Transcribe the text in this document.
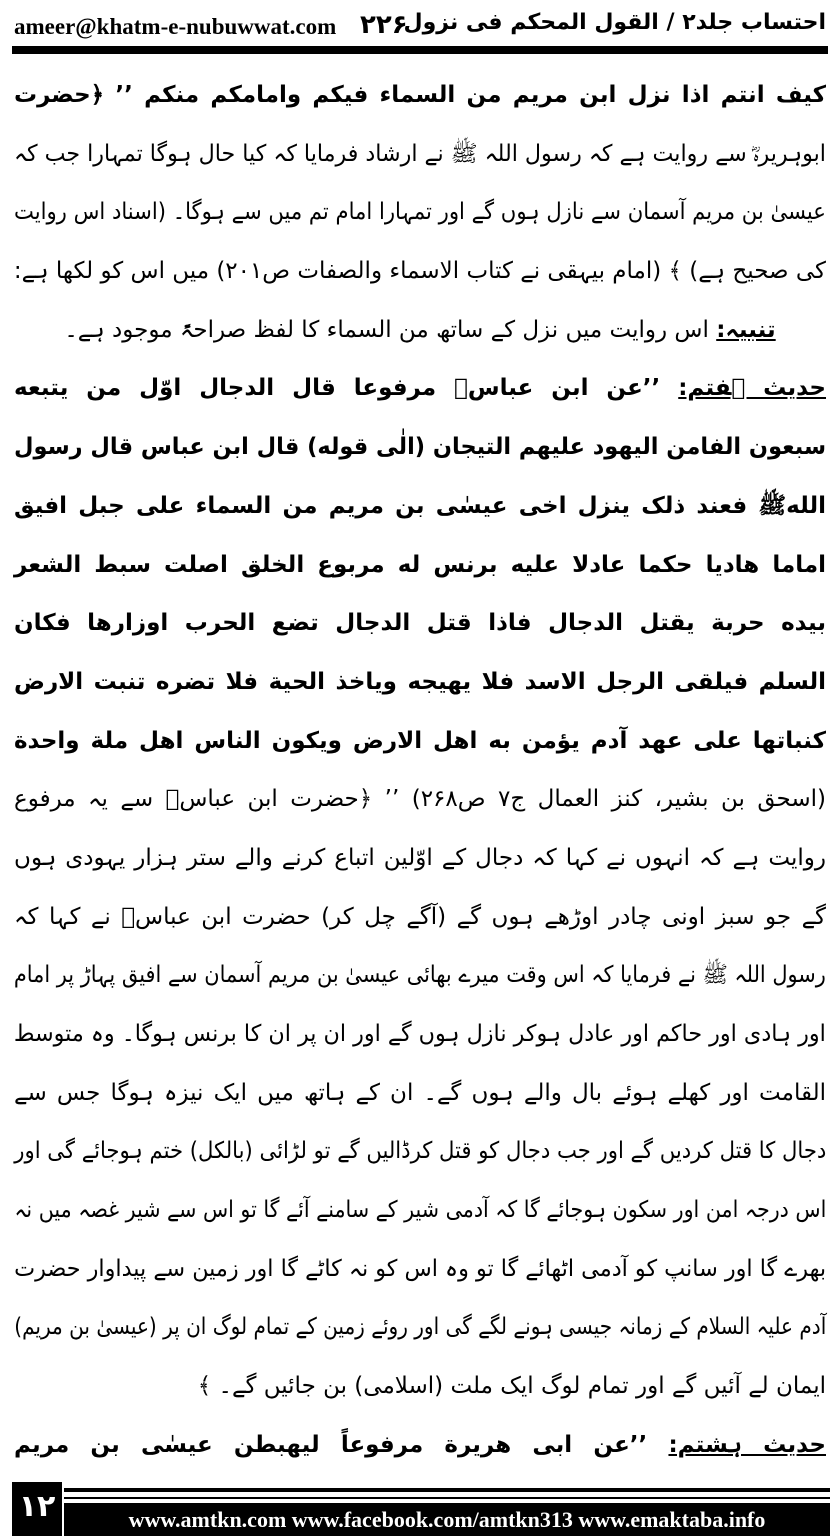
ameer@khatm-e-nubuwwat.com ۲۲۶
احتساب جلد۲ / القول المحکم فی نزول
كيف انتم اذا نزل ابن مريم من السماء فيكم وامامكم منكم ’’ ﴿حضرت
ابوہریرہؓ سے روایت ہے کہ رسول اللہ ﷺ نے ارشاد فرمایا کہ کیا حال ہوگا تمہارا جب کہ
عیسیٰ بن مریم آسمان سے نازل ہوں گے اور تمہارا امام تم میں سے ہوگا۔ (اسناد اس روایت
کی صحیح ہے) ﴾ (امام بیہقی نے کتاب الاسماء والصفات ص۲۰۱) میں اس کو لکھا ہے:
تنبیہ: اس روایت میں نزل کے ساتھ من السماء کا لفظ صراحۃً موجود ہے۔
حدیث ہفتم: ’’عن ابن عباسؓ مرفوعا قال الدجال اوّل من يتبعه
سبعون الفامن اليهود عليهم التيجان (الٰى قوله) قال ابن عباس قال رسول
اللهﷺ فعند ذلک ينزل اخى عيسٰى بن مريم من السماء على جبل افيق
اماما هاديا حكما عادلا عليه برنس له مربوع الخلق اصلت سبط الشعر
بيده حربة يقتل الدجال فاذا قتل الدجال تضع الحرب اوزارها فكان
السلم فيلقى الرجل الاسد فلا يهيجه وياخذ الحية فلا تضره تنبت الارض
كنباتها على عهد آدم يؤمن به اهل الارض ويكون الناس اهل ملة واحدة
(اسحق بن بشير، كنز العمال ج۷ ص۲۶۸) ’’ ﴿حضرت ابن عباسؓ سے یہ مرفوع
روایت ہے کہ انہوں نے کہا کہ دجال کے اوّلین اتباع کرنے والے ستر ہزار یہودی ہوں
گے جو سبز اونی چادر اوڑھے ہوں گے (آگے چل کر) حضرت ابن عباسؓ نے کہا کہ
رسول اللہ ﷺ نے فرمایا کہ اس وقت میرے بھائی عیسیٰ بن مریم آسمان سے افیق پہاڑ پر امام
اور ہادی اور حاکم اور عادل ہوکر نازل ہوں گے اور ان پر ان کا برنس ہوگا۔ وہ متوسط
القامت اور کھلے ہوئے بال والے ہوں گے۔ ان کے ہاتھ میں ایک نیزہ ہوگا جس سے
دجال کا قتل کردیں گے اور جب دجال کو قتل کرڈالیں گے تو لڑائی (بالکل) ختم ہوجائے گی اور
اس درجہ امن اور سکون ہوجائے گا کہ آدمی شیر کے سامنے آئے گا تو اس سے شیر غصہ میں نہ
بھرے گا اور سانپ کو آدمی اٹھائے گا تو وہ اس کو نہ کاٹے گا اور زمین سے پیداوار حضرت
آدم علیہ السلام کے زمانہ جیسی ہونے لگے گی اور روئے زمین کے تمام لوگ ان پر (عیسیٰ بن مریم)
ایمان لے آئیں گے اور تمام لوگ ایک ملت (اسلامی) بن جائیں گے۔ ﴾
حدیث ہشتم: ’’عن ابى هريرة مرفوعاً ليهبطن عيسٰى بن مريم
۱۲	www.amtkn.com www.facebook.com/amtkn313 www.emaktaba.info
